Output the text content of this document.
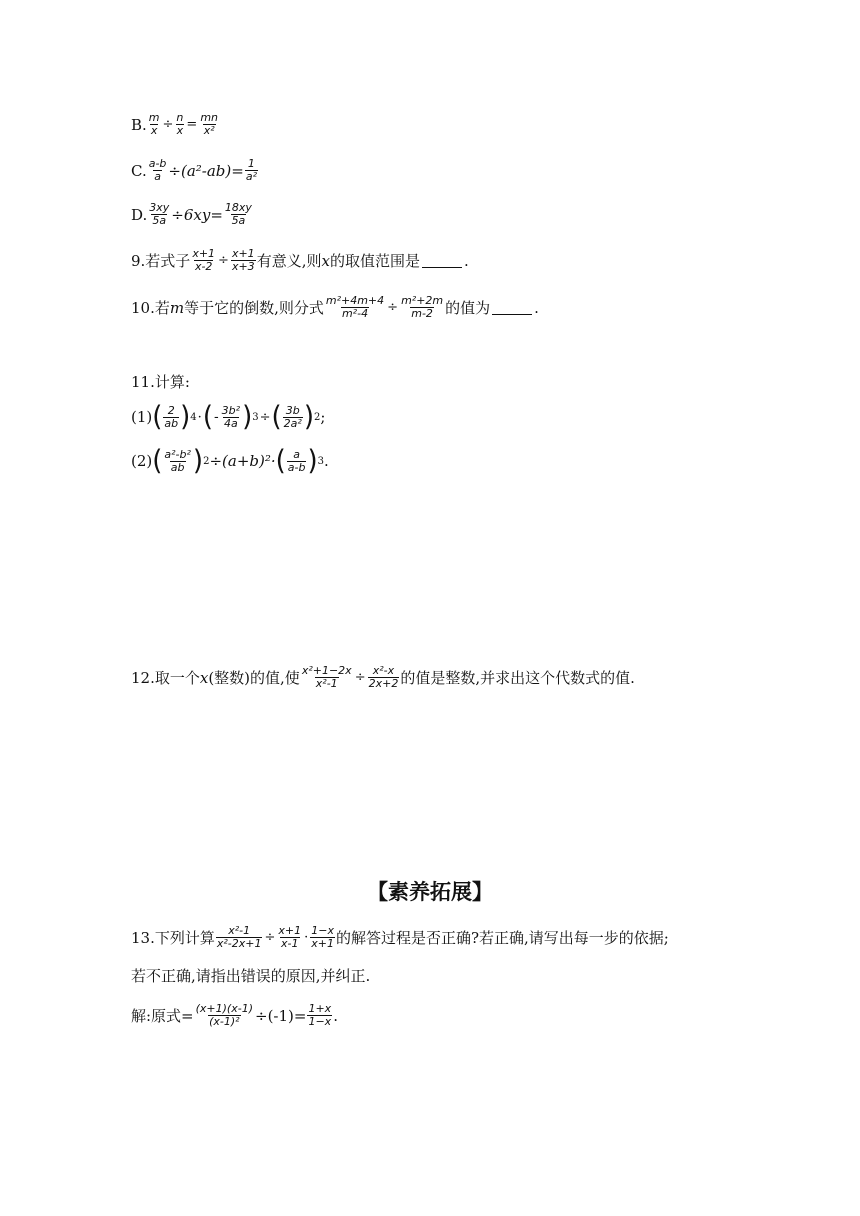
B. $\frac{m}{x} \div \frac{n}{x} = \frac{mn}{\text{x²}}$
C. $\frac{a-b}{a} \div(a^2-ab)= \frac{1}{\text{a²}}$
D. $\frac{3xy}{5a} \div 6xy= \frac{18xy}{5a}$
9.若式子 $\frac{x+1}{x-2} \div \frac{x+1}{x+3}$ 有意义,则 x 的取值范围是	.
10.若 m 等于它的倒数,则分式 $\frac{\text{m²+4m+4}}{\text{m²-4}} \div \frac{\text{m²+2m}}{m-2}$ 的值为	.
11.计算:
(1) ( $\frac{2}{ab}$ ) 4 · ( - $\frac{\text{3b²}}{4a}$ ) 3 ÷ ( $\frac{3b}{\text{2a²}}$ ) 2 ;
(2) ( $\frac{\text{a²-b²}}{ab}$ ) 2 ÷(a+b)²· ( $\frac{a}{a-b}$ ) 3 .
12.取一个 x (整数)的值,使 $\frac{\text{x²+1−2x}}{\text{x²-1}} \div \frac{\text{x²-x}}{2x+2}$ 的值是整数,并求出这个代数式的值.
【素养拓展】
13.下列计算 $\frac{\text{x²-1}}{\text{x²-2x+1}} \div \frac{x+1}{x-1} \cdot \frac{1-x}{x+1}$ 的解答过程是否正确?若正确,请写出每一步的依据;
若不正确,请指出错误的原因,并纠正.
解:原式= $\frac{(x+1)(x-1)}{\text{(x-1)²}} \div(-1)= \frac{1+x}{1-x}$ .
